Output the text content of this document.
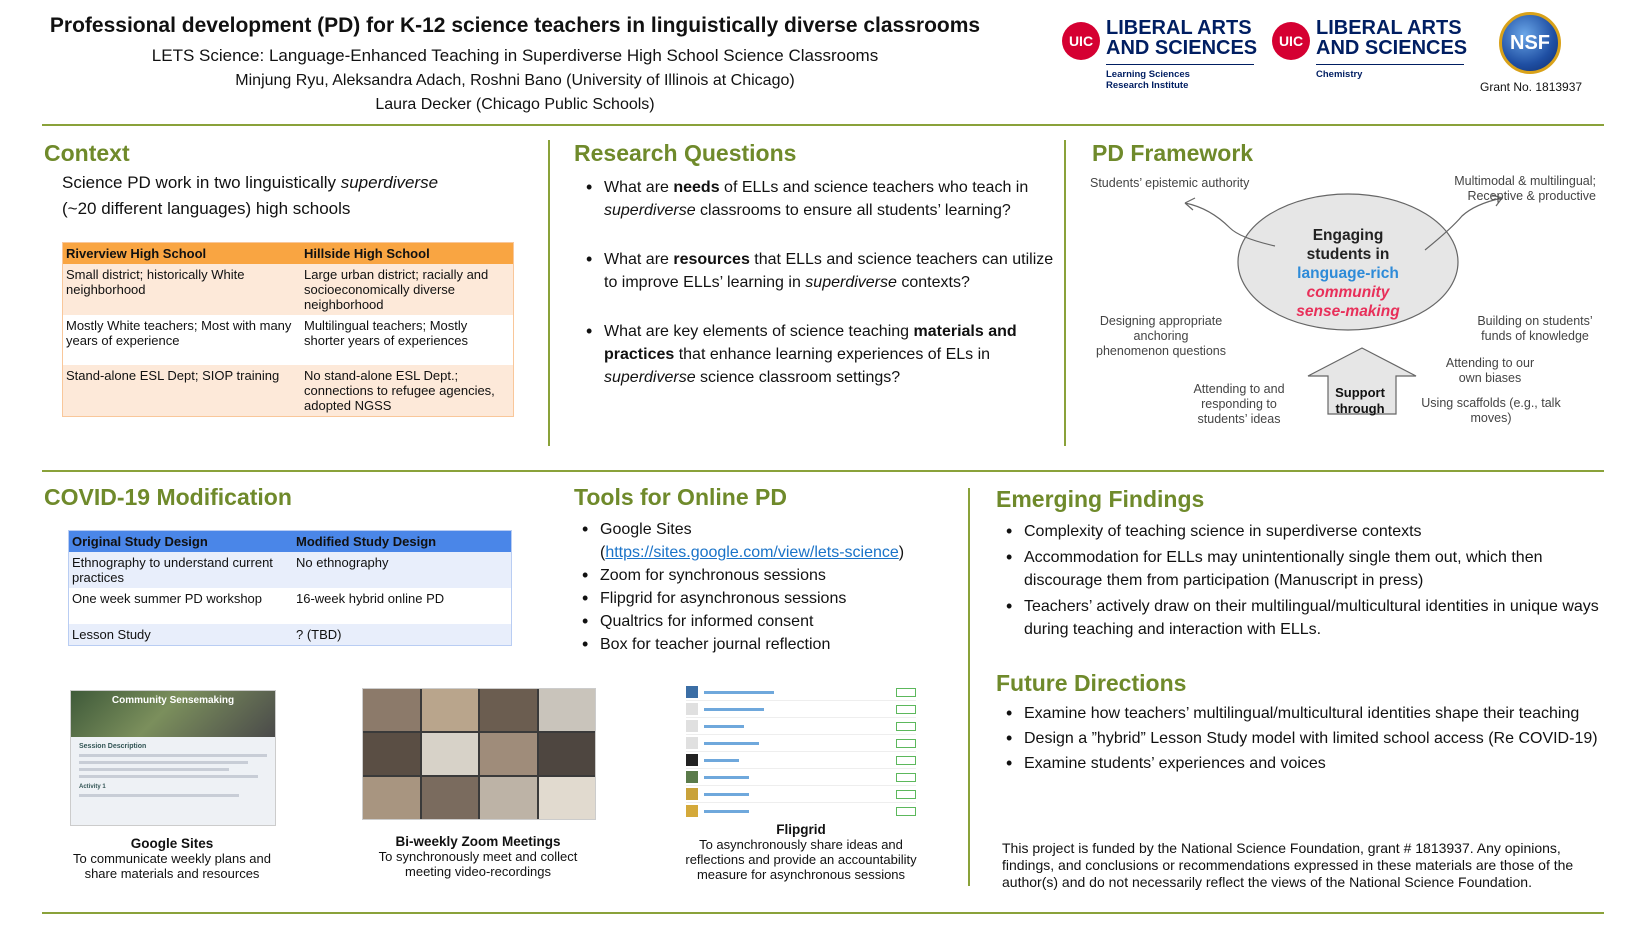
Professional development (PD) for K-12 science teachers in linguistically diverse classrooms
LETS Science: Language-Enhanced Teaching in Superdiverse High School Science Classrooms
Minjung Ryu, Aleksandra Adach, Roshni Bano (University of Illinois at Chicago)
Laura Decker (Chicago Public Schools)
UIC
LIBERAL ARTS
AND SCIENCES
Learning Sciences
Research Institute
UIC
LIBERAL ARTS
AND SCIENCES
Chemistry
NSF
Grant No. 1813937
Context
Science PD work in two linguistically superdiverse
(~20 different languages) high schools
Riverview High School	Hillside High School
Small district; historically White neighborhood	Large urban district; racially and socioeconomically diverse neighborhood
Mostly White teachers; Most with many years of experience	Multilingual teachers; Mostly shorter years of experiences
Stand-alone ESL Dept; SIOP training	No stand-alone ESL Dept.; connections to refugee agencies, adopted NGSS
Research Questions
• What are needs of ELLs and science teachers who teach in superdiverse classrooms to ensure all students’ learning?
• What are resources that ELLs and science teachers can utilize to improve ELLs’ learning in superdiverse contexts?
• What are key elements of science teaching materials and practices that enhance learning experiences of ELs in superdiverse science classroom settings?
PD Framework
Engaging
students in
language-rich
community
sense-making
Students’ epistemic authority	Multimodal & multilingual;
Receptive & productive
Designing appropriate anchoring phenomenon questions
Building on students’ funds of knowledge
Support
through
Attending to and responding to students’ ideas
Attending to our own biases
Using scaffolds (e.g., talk moves)
COVID-19 Modification
Original Study Design	Modified Study Design
Ethnography to understand current practices	No ethnography
One week summer PD workshop	16-week hybrid online PD
Lesson Study	? (TBD)
Tools for Online PD
• Google Sites
(https://sites.google.com/view/lets-science)
• Zoom for synchronous sessions
• Flipgrid for asynchronous sessions
• Qualtrics for informed consent
• Box for teacher journal reflection
Community Sensemaking
Session Description
Activity 1
Google Sites
To communicate weekly plans and share materials and resources
Bi-weekly Zoom Meetings
To synchronously meet and collect meeting video-recordings
Flipgrid
To asynchronously share ideas and reflections and provide an accountability measure for asynchronous sessions
Emerging Findings
• Complexity of teaching science in superdiverse contexts
• Accommodation for ELLs may unintentionally single them out, which then discourage them from participation (Manuscript in press)
• Teachers’ actively draw on their multilingual/multicultural identities in unique ways during teaching and interaction with ELLs.
Future Directions
• Examine how teachers’ multilingual/multicultural identities shape their teaching
• Design a ”hybrid” Lesson Study model with limited school access (Re COVID-19)
• Examine students’ experiences and voices
This project is funded by the National Science Foundation, grant # 1813937. Any opinions, findings, and conclusions or recommendations expressed in these materials are those of the author(s) and do not necessarily reflect the views of the National Science Foundation.
